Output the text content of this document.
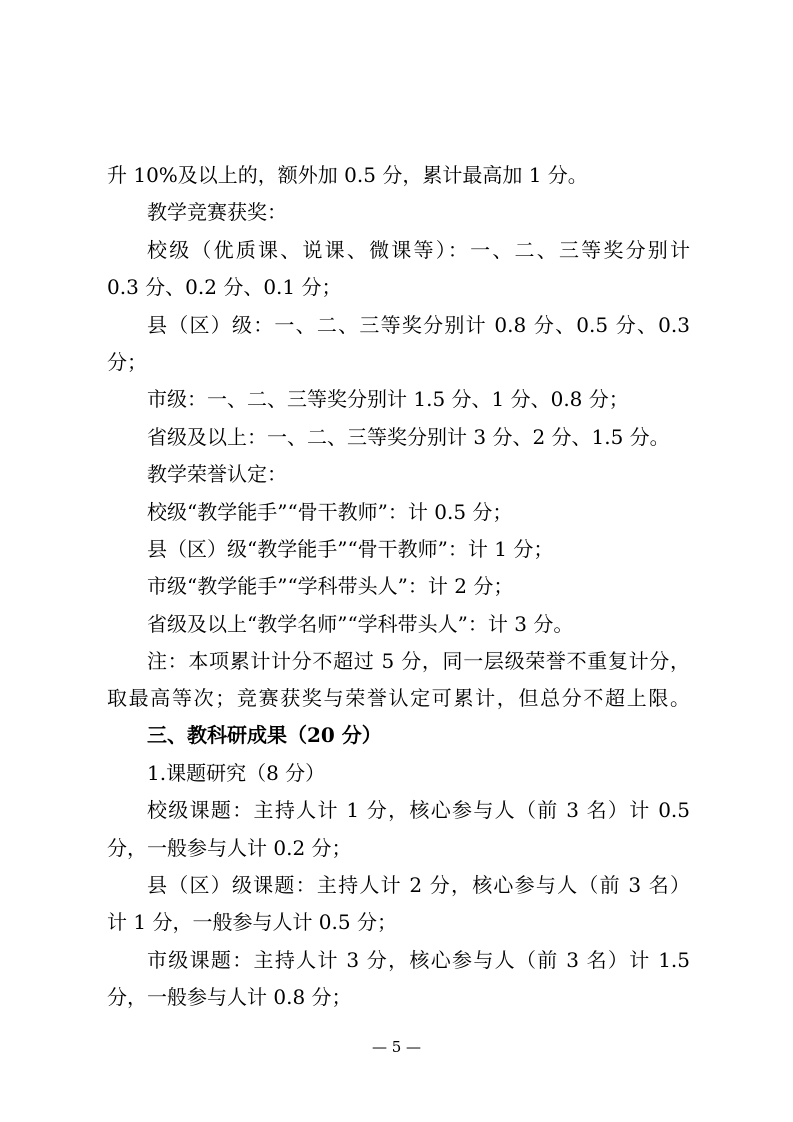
升 10%及以上的，额外加 0.5 分，累计最高加 1 分。
教学竞赛获奖：
校级（优质课、说课、微课等）：一、二、三等奖分别计
0.3 分、0.2 分、0.1 分；
县（区）级：一、二、三等奖分别计 0.8 分、0.5 分、0.3
分；
市级：一、二、三等奖分别计 1.5 分、1 分、0.8 分；
省级及以上：一、二、三等奖分别计 3 分、2 分、1.5 分。
教学荣誉认定：
校级“教学能手”“骨干教师”：计 0.5 分；
县（区）级“教学能手”“骨干教师”：计 1 分；
市级“教学能手”“学科带头人”：计 2 分；
省级及以上“教学名师”“学科带头人”：计 3 分。
注：本项累计计分不超过 5 分，同一层级荣誉不重复计分，
取最高等次；竞赛获奖与荣誉认定可累计，但总分不超上限。
三、教科研成果（20 分）
1.课题研究（8 分）
校级课题：主持人计 1 分，核心参与人（前 3 名）计 0.5
分，一般参与人计 0.2 分；
县（区）级课题：主持人计 2 分，核心参与人（前 3 名）
计 1 分，一般参与人计 0.5 分；
市级课题：主持人计 3 分，核心参与人（前 3 名）计 1.5
分，一般参与人计 0.8 分；
— 5 —
